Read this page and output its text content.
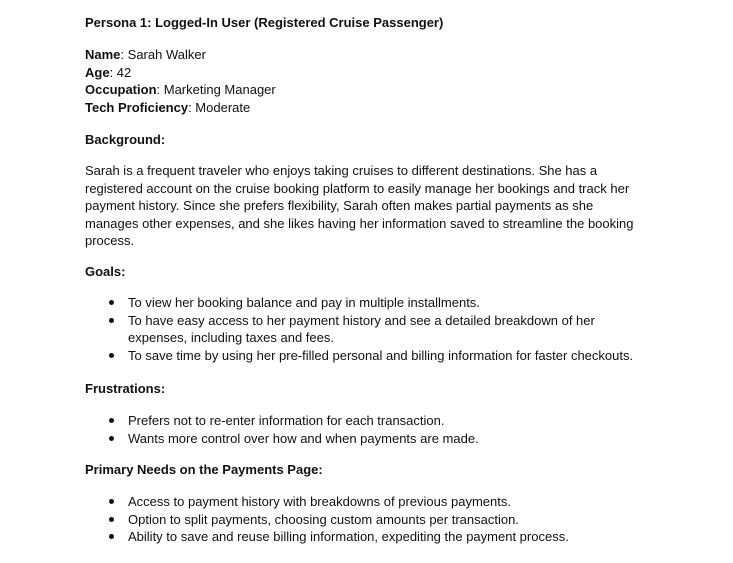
Persona 1: Logged-In User (Registered Cruise Passenger)
Name: Sarah Walker
Age: 42
Occupation: Marketing Manager
Tech Proficiency: Moderate
Background:
Sarah is a frequent traveler who enjoys taking cruises to different destinations. She has a registered account on the cruise booking platform to easily manage her bookings and track her payment history. Since she prefers flexibility, Sarah often makes partial payments as she manages other expenses, and she likes having her information saved to streamline the booking process.
Goals:
To view her booking balance and pay in multiple installments.
To have easy access to her payment history and see a detailed breakdown of her expenses, including taxes and fees.
To save time by using her pre-filled personal and billing information for faster checkouts.
Frustrations:
Prefers not to re-enter information for each transaction.
Wants more control over how and when payments are made.
Primary Needs on the Payments Page:
Access to payment history with breakdowns of previous payments.
Option to split payments, choosing custom amounts per transaction.
Ability to save and reuse billing information, expediting the payment process.
